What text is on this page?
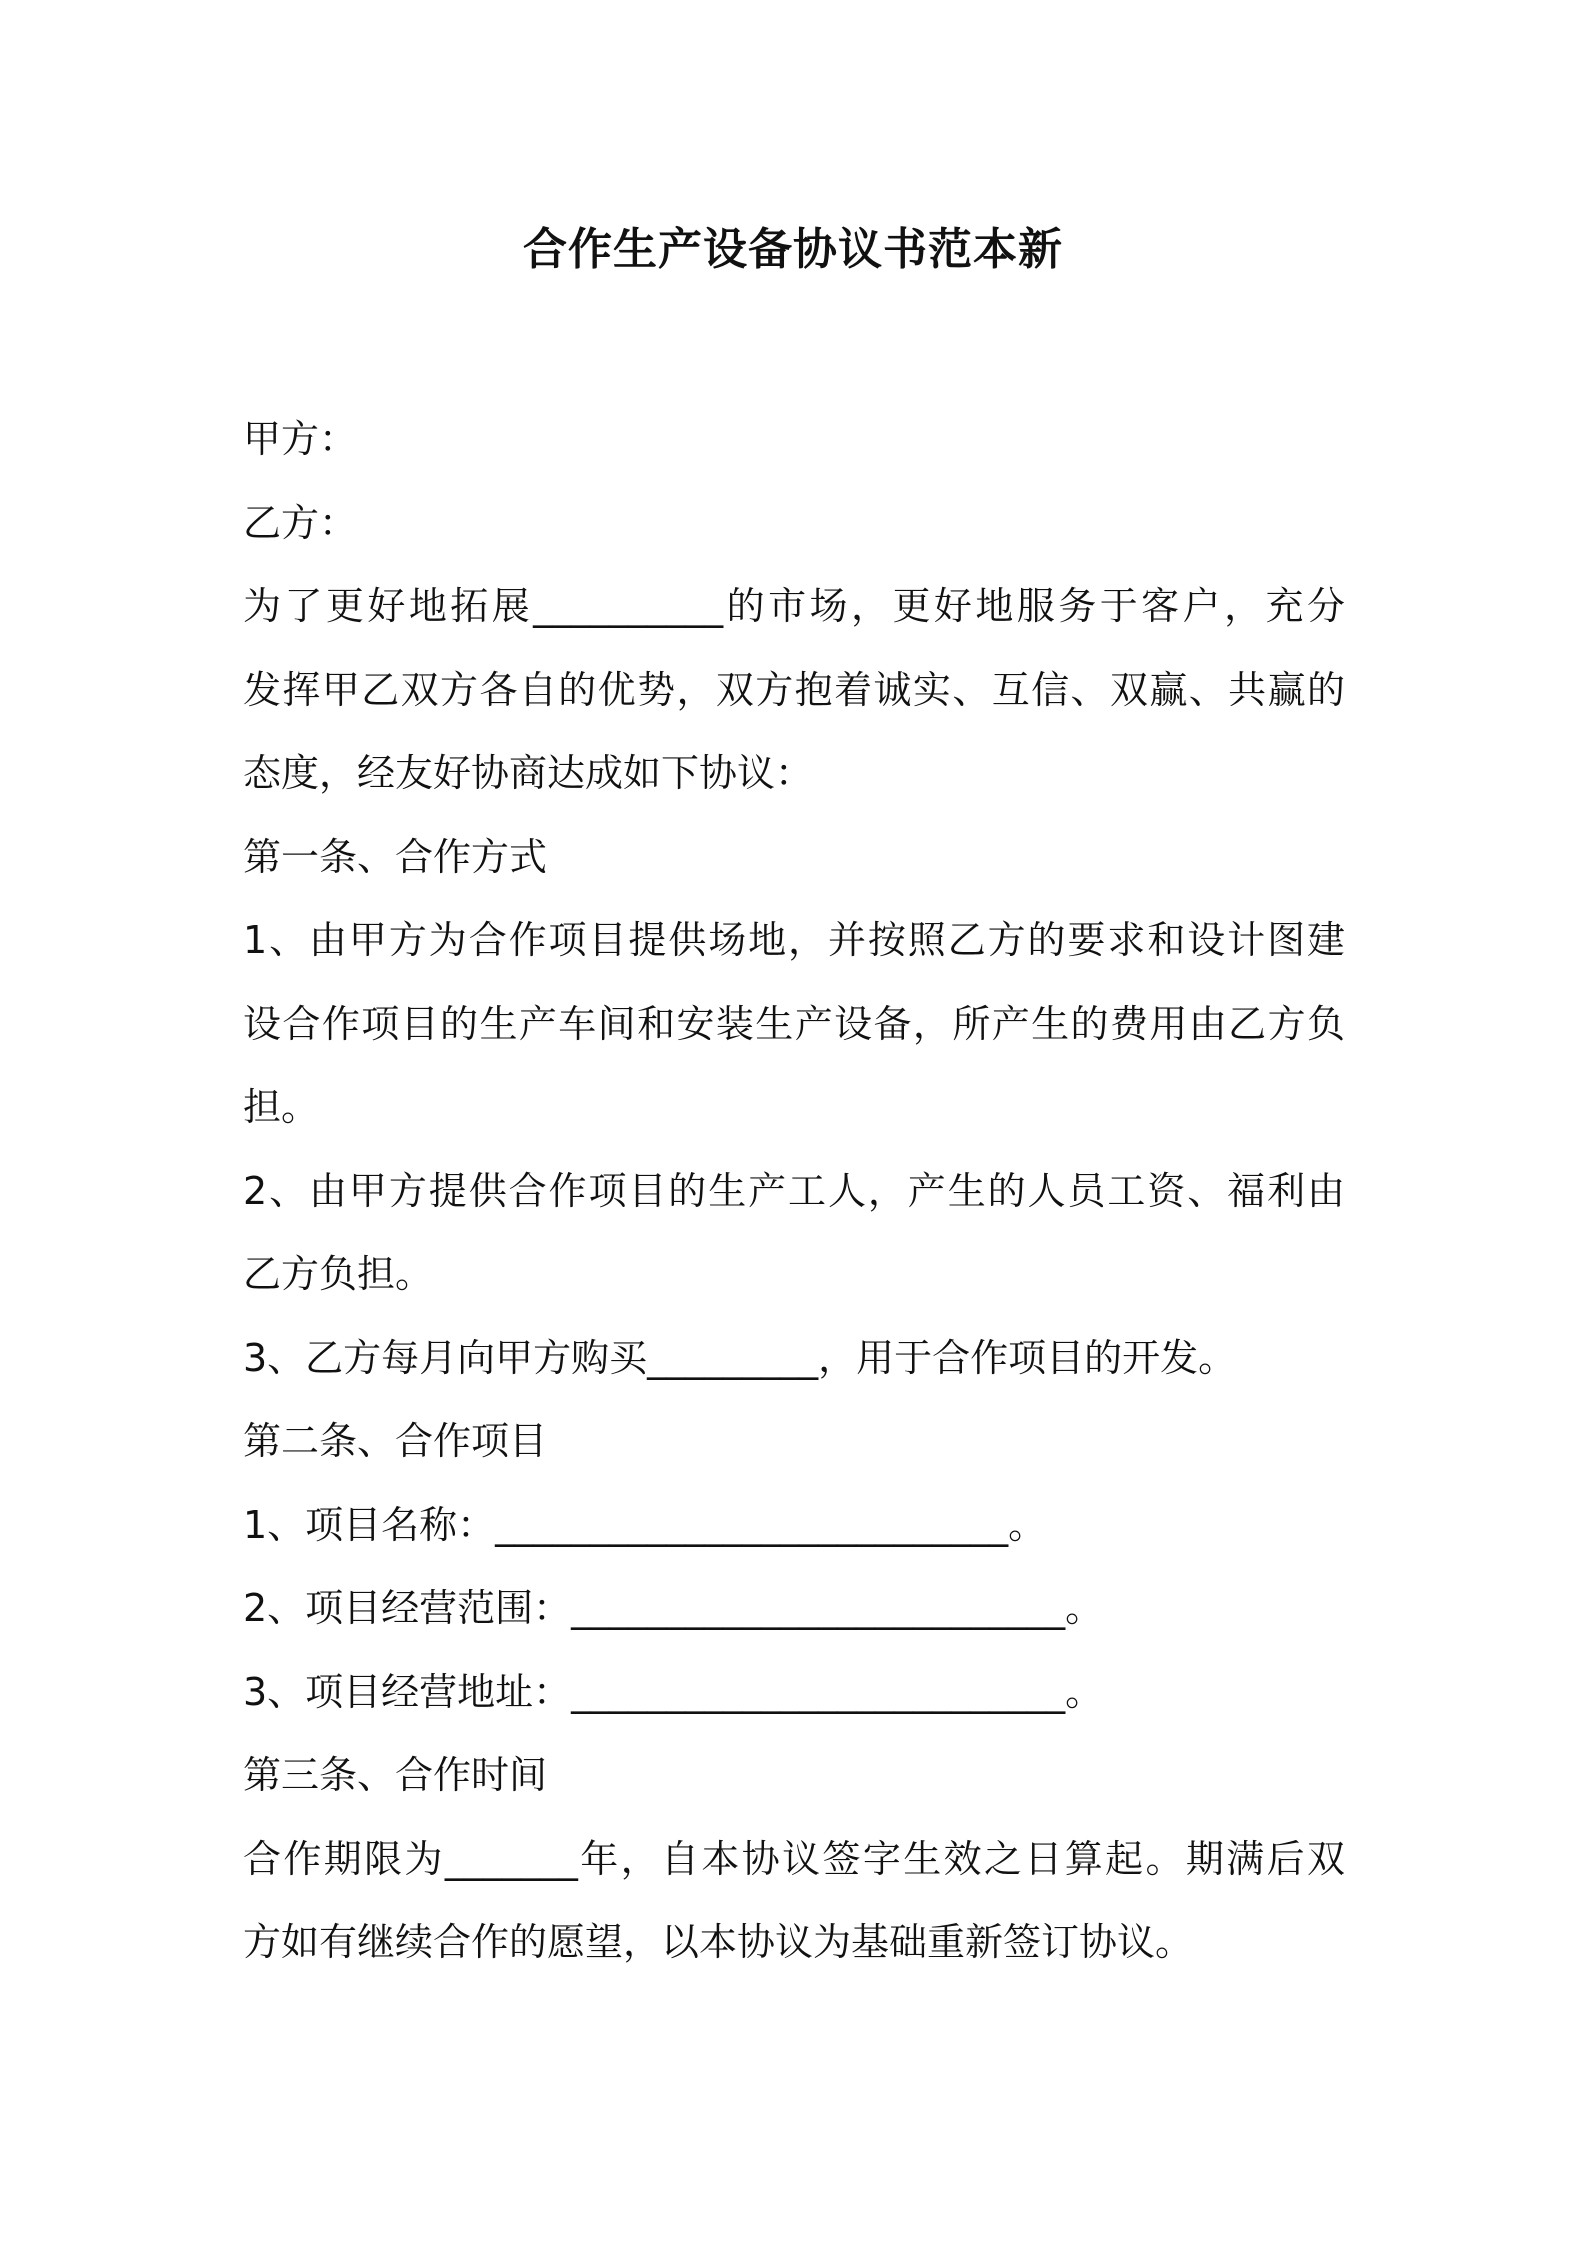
合作生产设备协议书范本新
甲方：
乙方：
为了更好地拓展__________的市场，更好地服务于客户，充分
发挥甲乙双方各自的优势，双方抱着诚实、互信、双赢、共赢的
态度，经友好协商达成如下协议：
第一条、合作方式
1、由甲方为合作项目提供场地，并按照乙方的要求和设计图建
设合作项目的生产车间和安装生产设备，所产生的费用由乙方负
担。
2、由甲方提供合作项目的生产工人，产生的人员工资、福利由
乙方负担。
3、乙方每月向甲方购买_________，用于合作项目的开发。
第二条、合作项目
1、项目名称：___________________________。
2、项目经营范围：__________________________。
3、项目经营地址：__________________________。
第三条、合作时间
合作期限为_______年，自本协议签字生效之日算起。期满后双
方如有继续合作的愿望，以本协议为基础重新签订协议。
